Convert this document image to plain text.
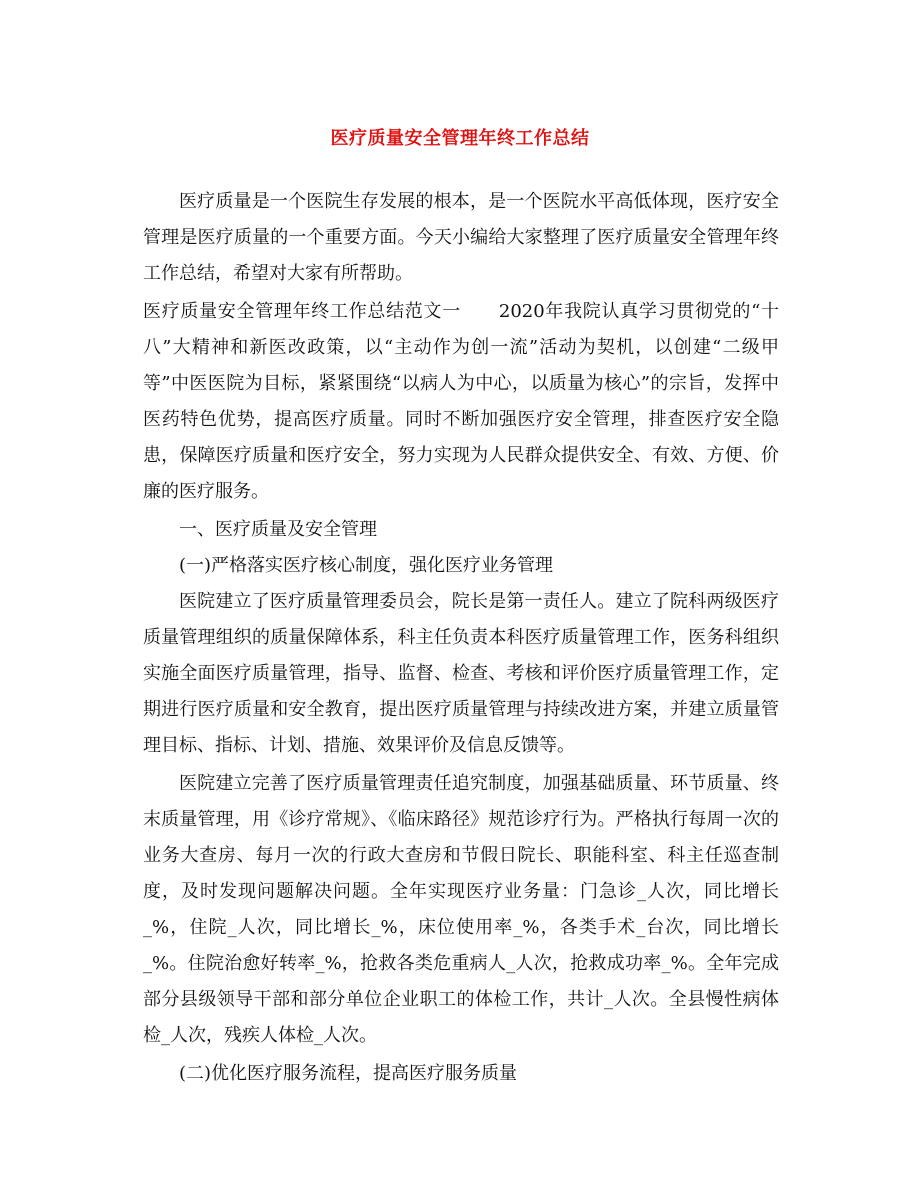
医疗质量安全管理年终工作总结

医疗质量是一个医院生存发展的根本，是一个医院水平高低体现，医疗安全管理是医疗质量的一个重要方面。今天小编给大家整理了医疗质量安全管理年终工作总结，希望对大家有所帮助。

医疗质量安全管理年终工作总结范文一 2020年我院认真学习贯彻党的“十八”大精神和新医改政策，以“主动作为创一流”活动为契机，以创建“二级甲等”中医医院为目标，紧紧围绕“以病人为中心，以质量为核心”的宗旨，发挥中医药特色优势，提高医疗质量。同时不断加强医疗安全管理，排查医疗安全隐患，保障医疗质量和医疗安全，努力实现为人民群众提供安全、有效、方便、价廉的医疗服务。

一、医疗质量及安全管理

(一)严格落实医疗核心制度，强化医疗业务管理

医院建立了医疗质量管理委员会，院长是第一责任人。建立了院科两级医疗质量管理组织的质量保障体系，科主任负责本科医疗质量管理工作，医务科组织实施全面医疗质量管理，指导、监督、检查、考核和评价医疗质量管理工作，定期进行医疗质量和安全教育，提出医疗质量管理与持续改进方案，并建立质量管理目标、指标、计划、措施、效果评价及信息反馈等。

医院建立完善了医疗质量管理责任追究制度，加强基础质量、环节质量、终末质量管理，用《诊疗常规》、《临床路径》规范诊疗行为。严格执行每周一次的业务大查房、每月一次的行政大查房和节假日院长、职能科室、科主任巡查制度，及时发现问题解决问题。全年实现医疗业务量：门急诊_人次，同比增长_%，住院_人次，同比增长_%，床位使用率_%，各类手术_台次，同比增长_%。住院治愈好转率_%，抢救各类危重病人_人次，抢救成功率_%。全年完成部分县级领导干部和部分单位企业职工的体检工作，共计_人次。全县慢性病体检_人次，残疾人体检_人次。

(二)优化医疗服务流程，提高医疗服务质量
